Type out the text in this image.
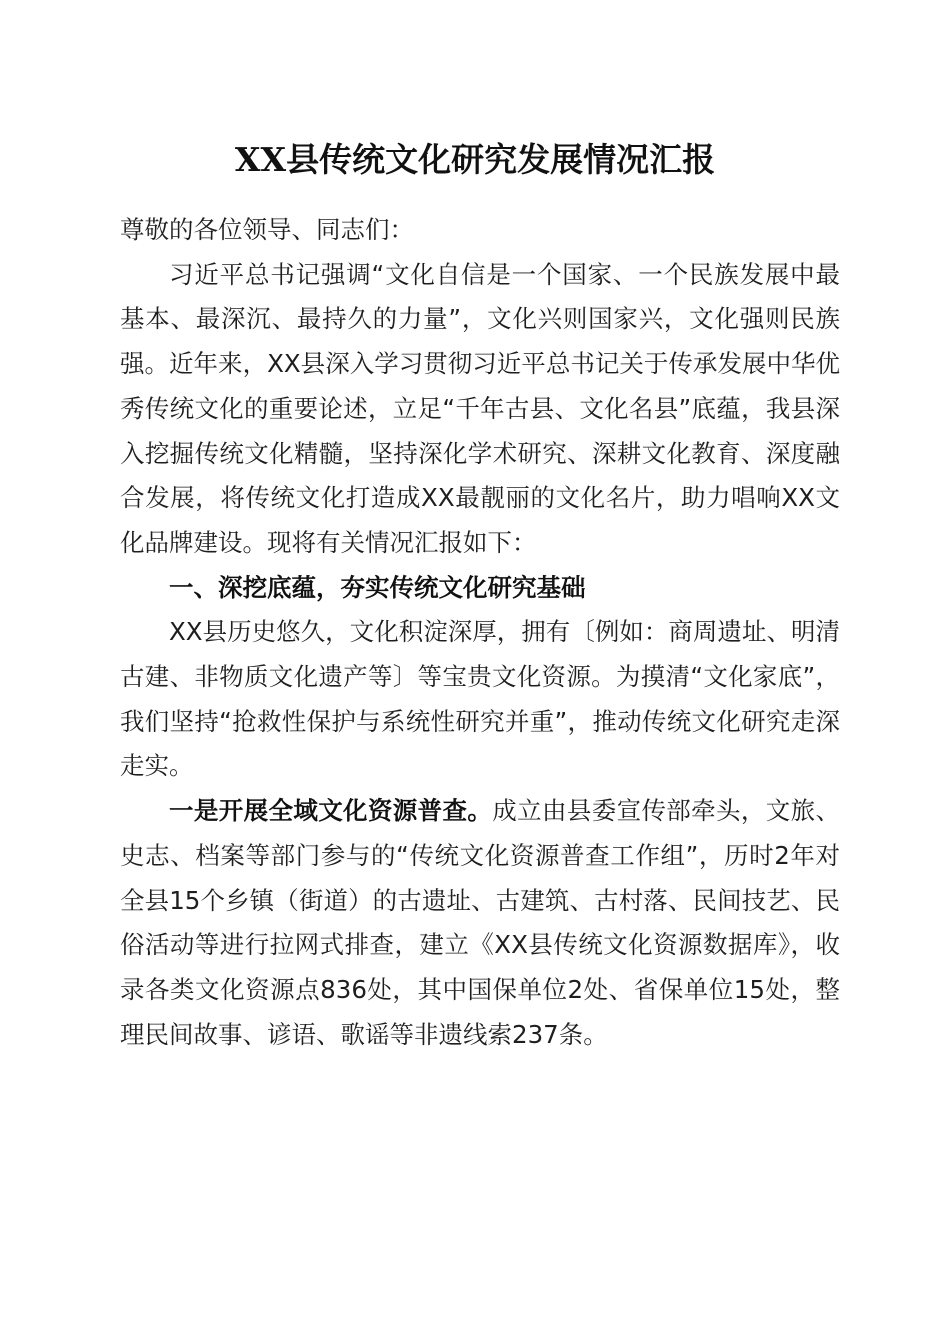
XX县传统文化研究发展情况汇报

尊敬的各位领导、同志们：

习近平总书记强调“文化自信是一个国家、一个民族发展中最基本、最深沉、最持久的力量”，文化兴则国家兴，文化强则民族强。近年来，XX县深入学习贯彻习近平总书记关于传承发展中华优秀传统文化的重要论述，立足“千年古县、文化名县”底蕴，我县深入挖掘传统文化精髓，坚持深化学术研究、深耕文化教育、深度融合发展，将传统文化打造成XX最靓丽的文化名片，助力唱响XX文化品牌建设。现将有关情况汇报如下：

一、深挖底蕴，夯实传统文化研究基础

XX县历史悠久，文化积淀深厚，拥有〔例如：商周遗址、明清古建、非物质文化遗产等〕等宝贵文化资源。为摸清“文化家底”，我们坚持“抢救性保护与系统性研究并重”，推动传统文化研究走深走实。

一是开展全域文化资源普查。成立由县委宣传部牵头，文旅、史志、档案等部门参与的“传统文化资源普查工作组”，历时2年对全县15个乡镇（街道）的古遗址、古建筑、古村落、民间技艺、民俗活动等进行拉网式排查，建立《XX县传统文化资源数据库》，收录各类文化资源点836处，其中国保单位2处、省保单位15处，整理民间故事、谚语、歌谣等非遗线索237条。
